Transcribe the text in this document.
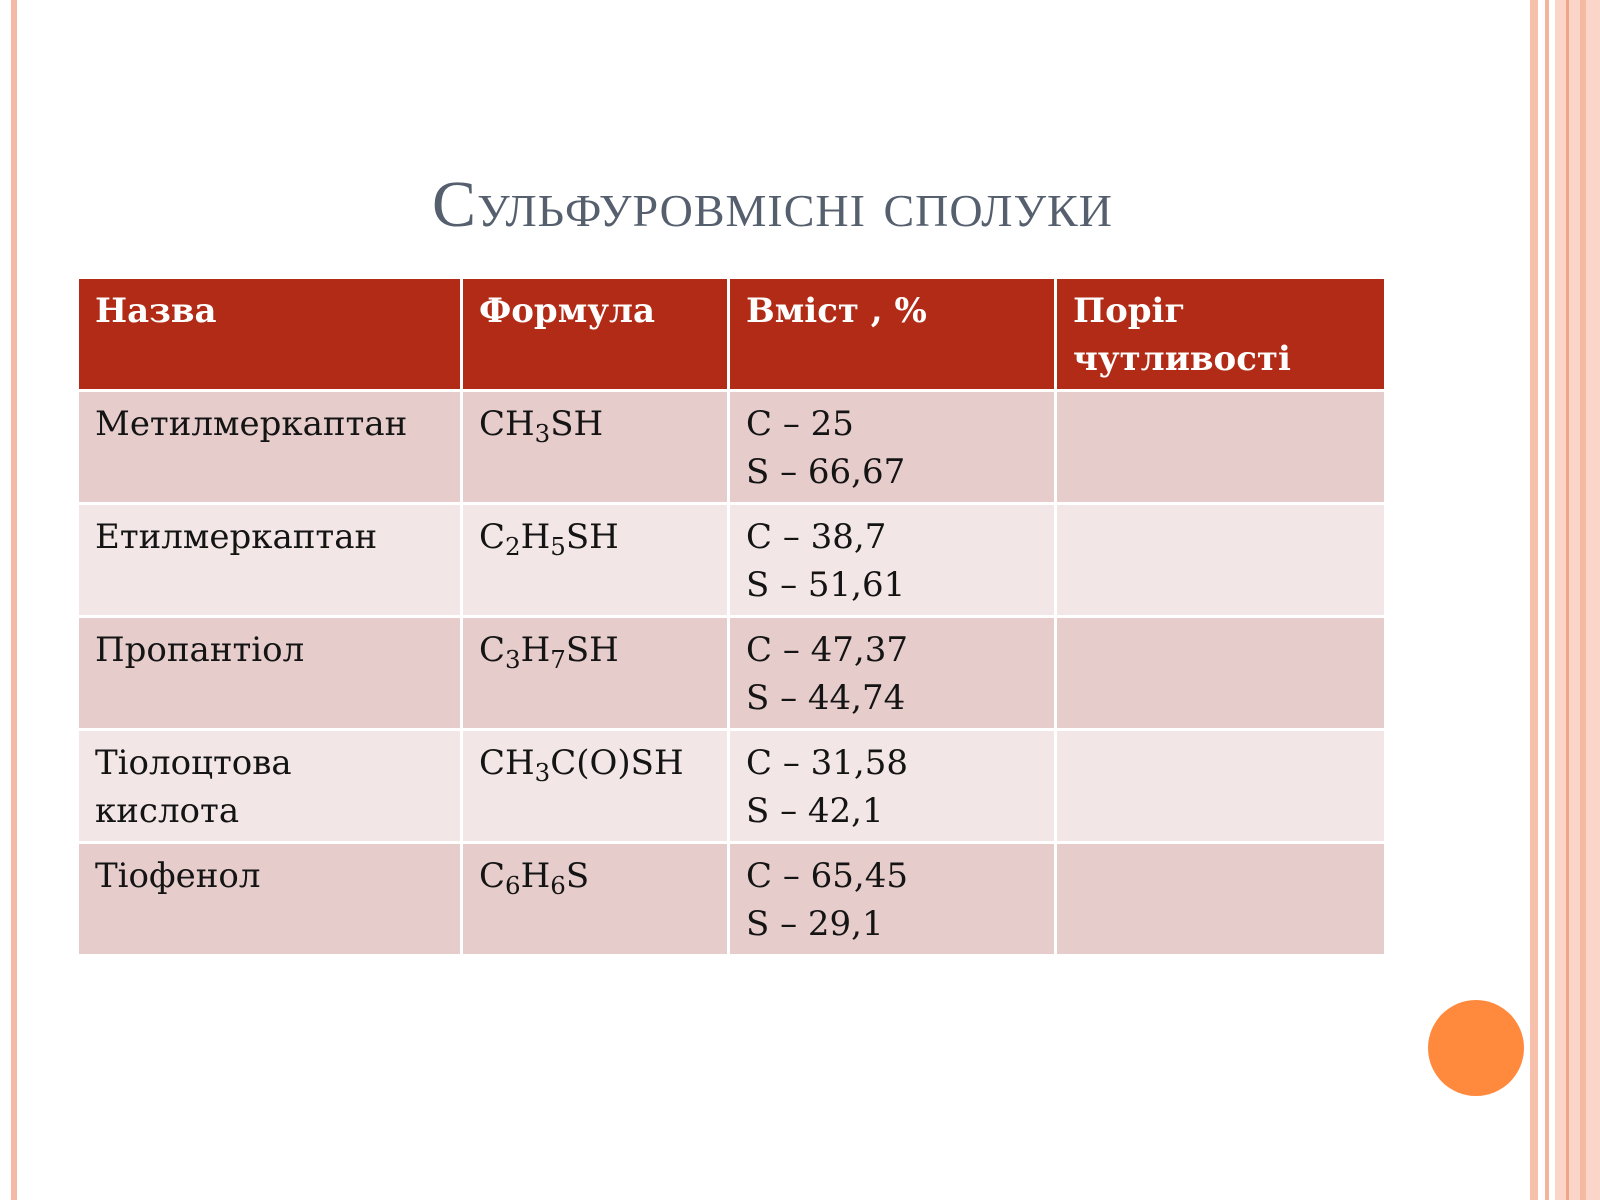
Сульфуровмісні сполуки
Назва	Формула	Вміст , %	Поріг
чутливості

Метилмеркаптан	$CH_3SH$	C – 25
S – 66,67	

Етилмеркаптан	$C_2H_5SH$	C – 38,7
S – 51,61	

Пропантіол	$C_3H_7SH$	C – 47,37
S – 44,74	

Тіолоцтова
кислота	$CH_3C(O)SH$	C – 31,58
S – 42,1	

Тіофенол	$C_6H_6S$	C – 65,45
S – 29,1	
